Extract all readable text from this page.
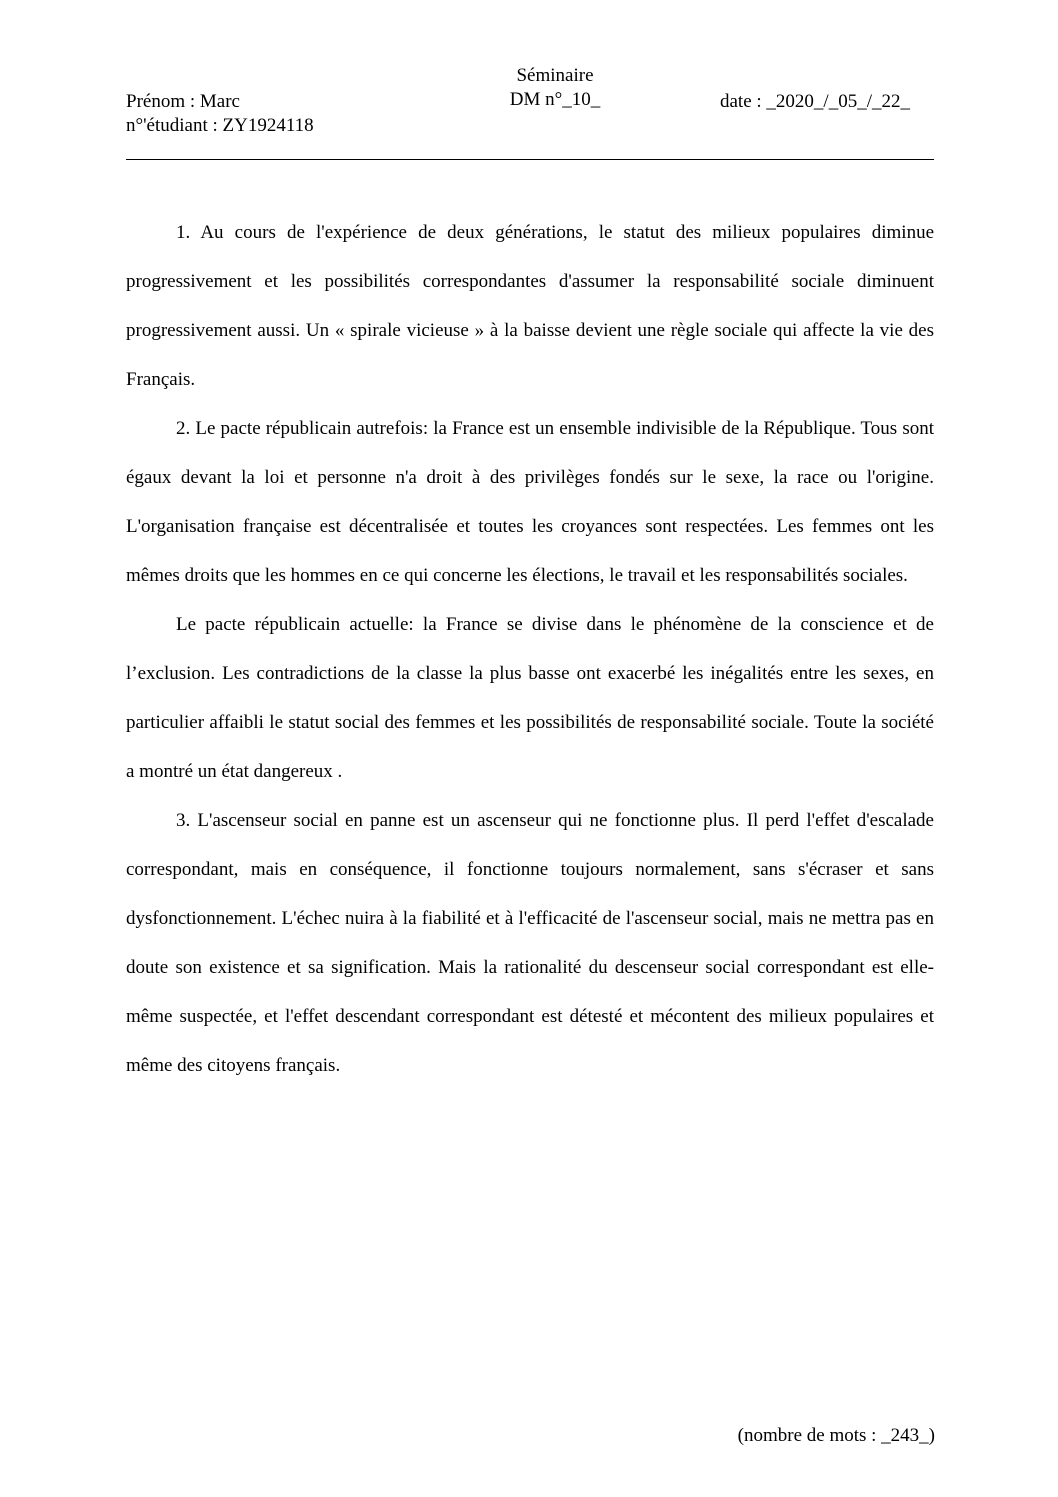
Prénom : Marc
n°'étudiant : ZY1924118
Séminaire
DM n°_10_	date : _2020_/_05_/_22_

1. Au cours de l'expérience de deux générations, le statut des milieux populaires diminue progressivement et les possibilités correspondantes d'assumer la responsabilité sociale diminuent progressivement aussi. Un « spirale vicieuse » à la baisse devient une règle sociale qui affecte la vie des Français.

2. Le pacte républicain autrefois: la France est un ensemble indivisible de la République. Tous sont égaux devant la loi et personne n'a droit à des privilèges fondés sur le sexe, la race ou l'origine. L'organisation française est décentralisée et toutes les croyances sont respectées. Les femmes ont les mêmes droits que les hommes en ce qui concerne les élections, le travail et les responsabilités sociales.

Le pacte républicain actuelle: la France se divise dans le phénomène de la conscience et de l’exclusion. Les contradictions de la classe la plus basse ont exacerbé les inégalités entre les sexes, en particulier affaibli le statut social des femmes et les possibilités de responsabilité sociale. Toute la société a montré un état dangereux .

3. L'ascenseur social en panne est un ascenseur qui ne fonctionne plus. Il perd l'effet d'escalade correspondant, mais en conséquence, il fonctionne toujours normalement, sans s'écraser et sans dysfonctionnement. L'échec nuira à la fiabilité et à l'efficacité de l'ascenseur social, mais ne mettra pas en doute son existence et sa signification. Mais la rationalité du descenseur social correspondant est elle-même suspectée, et l'effet descendant correspondant est détesté et mécontent des milieux populaires et même des citoyens français.

(nombre de mots : _243_)
